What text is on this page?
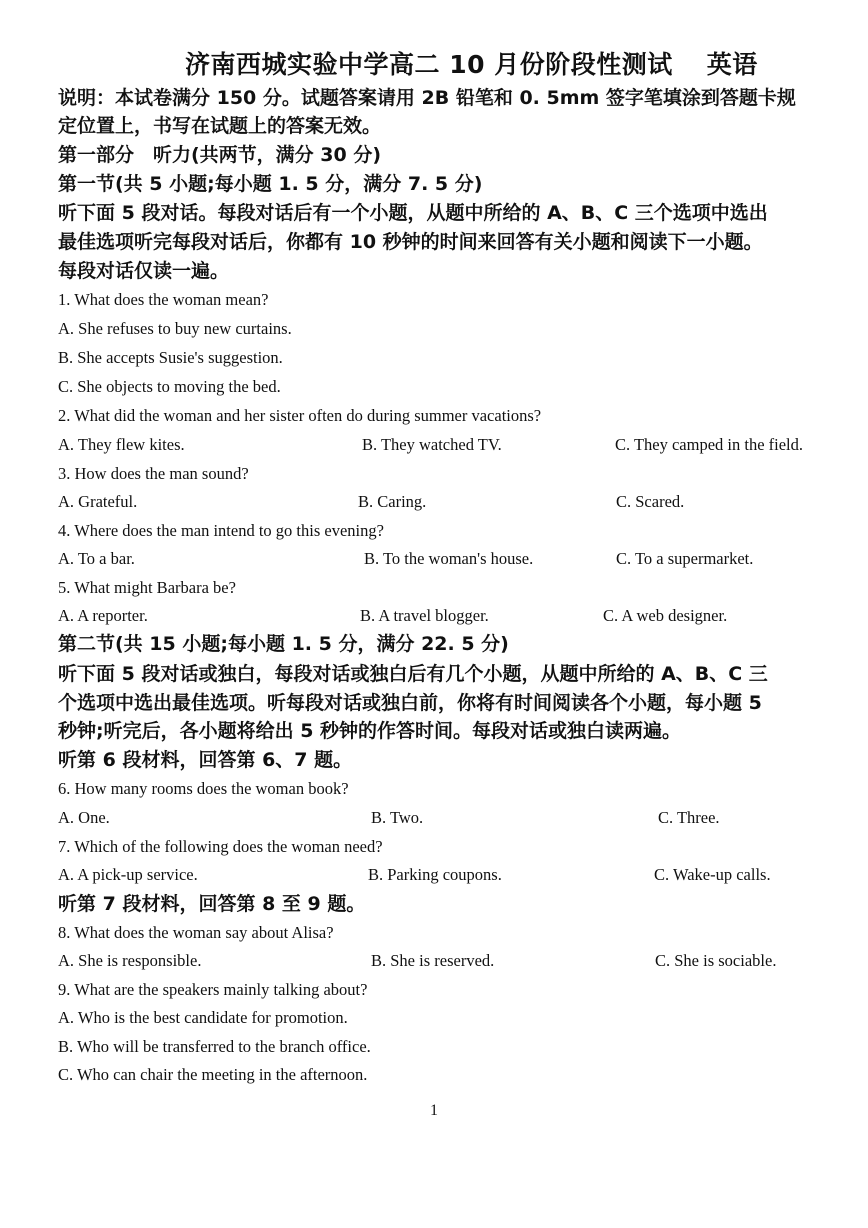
济南西城实验中学高二 10 月份阶段性测试 英语
说明：本试卷满分 150 分。试题答案请用 2B 铅笔和 0. 5mm 签字笔填涂到答题卡规
定位置上，书写在试题上的答案无效。
第一部分　听力(共两节，满分 30 分)
第一节(共 5 小题;每小题 1. 5 分，满分 7. 5 分)
听下面 5 段对话。每段对话后有一个小题，从题中所给的 A、B、C 三个选项中选出
最佳选项听完每段对话后，你都有 10 秒钟的时间来回答有关小题和阅读下一小题。
每段对话仅读一遍。
1. What does the woman mean?
A. She refuses to buy new curtains.
B. She accepts Susie's suggestion.
C. She objects to moving the bed.
2. What did the woman and her sister often do during summer vacations?
A. They flew kites.	B. They watched TV.	C. They camped in the field.
3. How does the man sound?
A. Grateful.	B. Caring.	C. Scared.
4. Where does the man intend to go this evening?
A. To a bar.	B. To the woman's house.	C. To a supermarket.
5. What might Barbara be?
A. A reporter.	B. A travel blogger.	C. A web designer.
第二节(共 15 小题;每小题 1. 5 分，满分 22. 5 分)
听下面 5 段对话或独白，每段对话或独白后有几个小题，从题中所给的 A、B、C 三
个选项中选出最佳选项。听每段对话或独白前，你将有时间阅读各个小题，每小题 5
秒钟;听完后，各小题将给出 5 秒钟的作答时间。每段对话或独白读两遍。
听第 6 段材料，回答第 6、7 题。
6. How many rooms does the woman book?
A. One.	B. Two.	C. Three.
7. Which of the following does the woman need?
A. A pick-up service.	B. Parking coupons.	C. Wake-up calls.
听第 7 段材料，回答第 8 至 9 题。
8. What does the woman say about Alisa?
A. She is responsible.	B. She is reserved.	C. She is sociable.
9. What are the speakers mainly talking about?
A. Who is the best candidate for promotion.
B. Who will be transferred to the branch office.
C. Who can chair the meeting in the afternoon.
1
